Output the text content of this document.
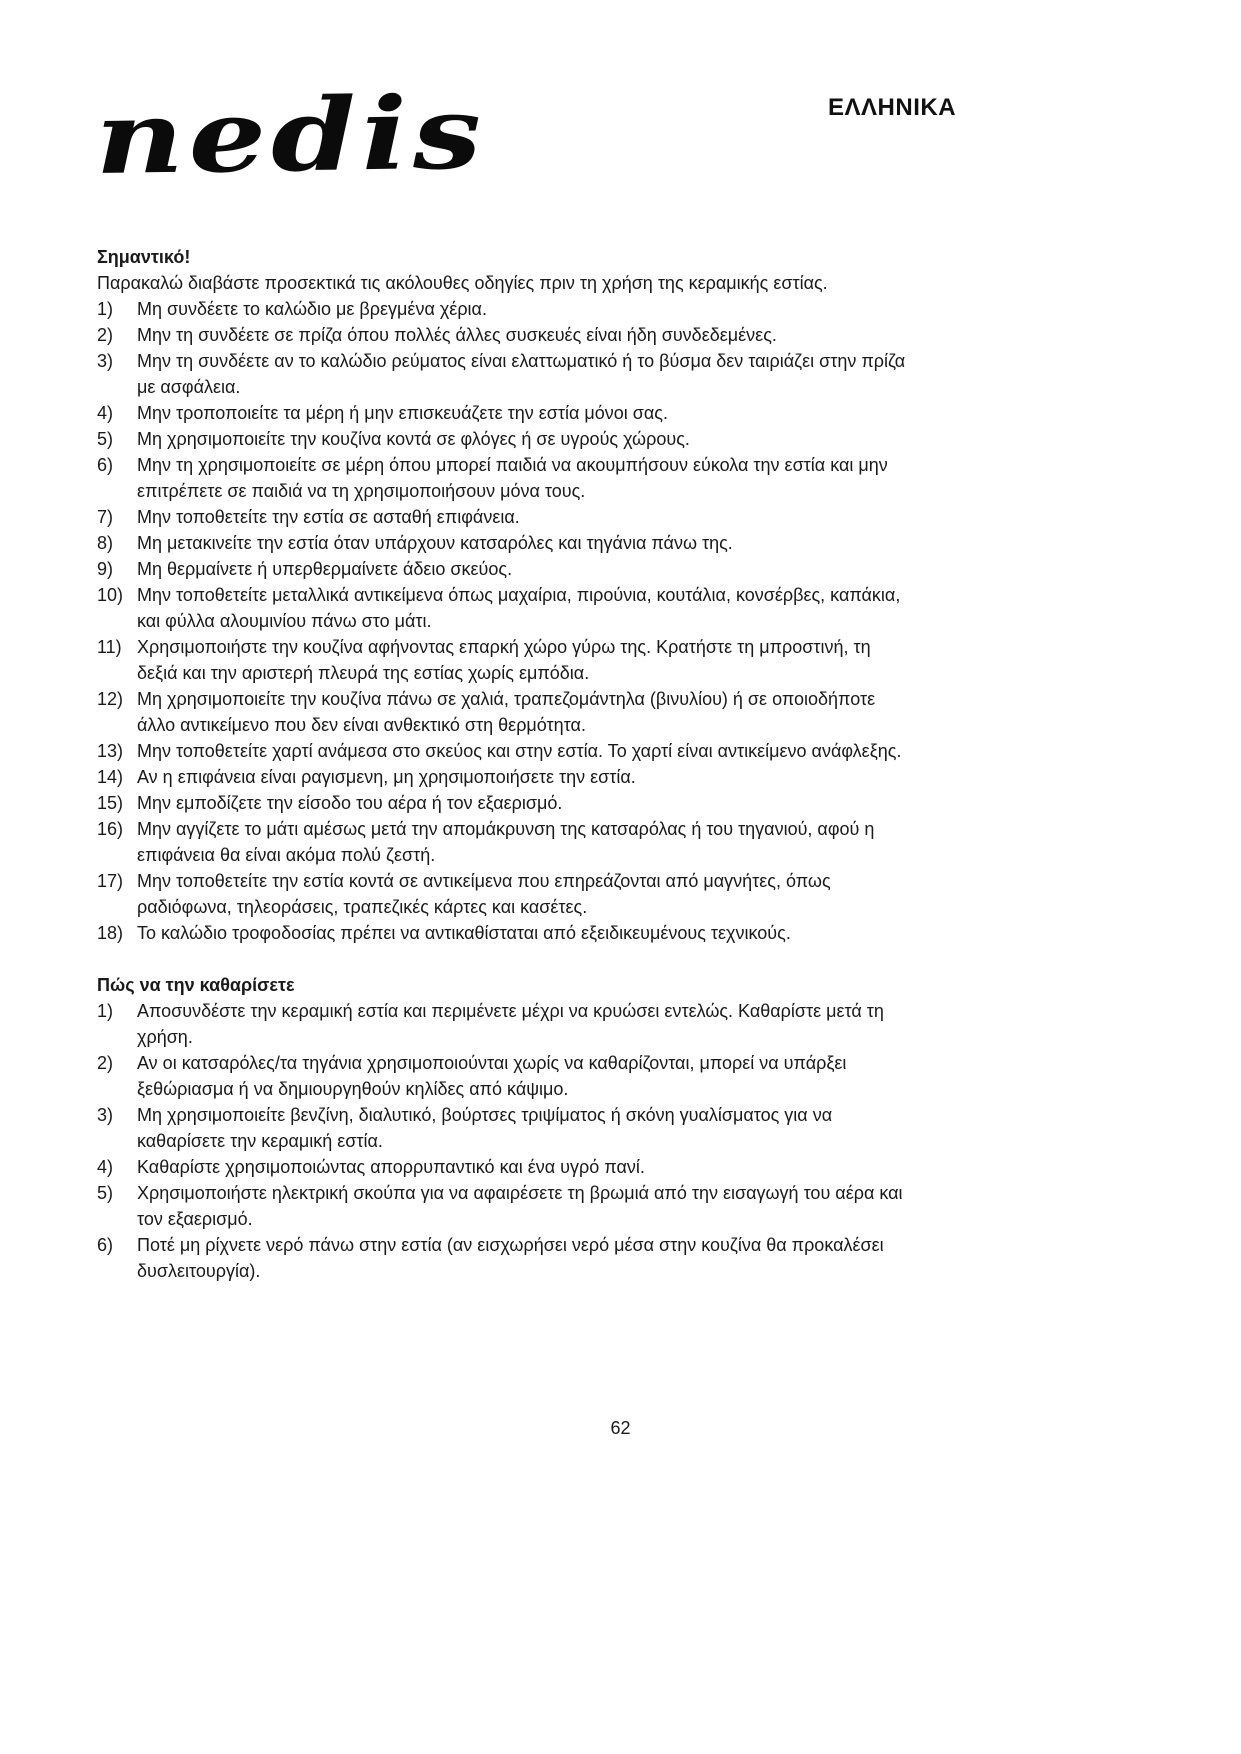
nedis	ΕΛΛΗΝΙΚΑ
Σημαντικό!
Παρακαλώ διαβάστε προσεκτικά τις ακόλουθες οδηγίες πριν τη χρήση της κεραμικής εστίας.
1)	Μη συνδέετε το καλώδιο με βρεγμένα χέρια.
2)	Μην τη συνδέετε σε πρίζα όπου πολλές άλλες συσκευές είναι ήδη συνδεδεμένες.
3)	Μην τη συνδέετε αν το καλώδιο ρεύματος είναι ελαττωματικό ή το βύσμα δεν ταιριάζει στην πρίζα με ασφάλεια.
4)	Μην τροποποιείτε τα μέρη ή μην επισκευάζετε την εστία μόνοι σας.
5)	Μη χρησιμοποιείτε την κουζίνα κοντά σε φλόγες ή σε υγρούς χώρους.
6)	Μην τη χρησιμοποιείτε σε μέρη όπου μπορεί παιδιά να ακουμπήσουν εύκολα την εστία και μην επιτρέπετε σε παιδιά να τη χρησιμοποιήσουν μόνα τους.
7)	Μην τοποθετείτε την εστία σε ασταθή επιφάνεια.
8)	Μη μετακινείτε την εστία όταν υπάρχουν κατσαρόλες και τηγάνια πάνω της.
9)	Μη θερμαίνετε ή υπερθερμαίνετε άδειο σκεύος.
10) Μην τοποθετείτε μεταλλικά αντικείμενα όπως μαχαίρια, πιρούνια, κουτάλια, κονσέρβες, καπάκια, και φύλλα αλουμινίου πάνω στο μάτι.
11) Χρησιμοποιήστε την κουζίνα αφήνοντας επαρκή χώρο γύρω της. Κρατήστε τη μπροστινή, τη δεξιά και την αριστερή πλευρά της εστίας χωρίς εμπόδια.
12) Μη χρησιμοποιείτε την κουζίνα πάνω σε χαλιά, τραπεζομάντηλα (βινυλίου) ή σε οποιοδήποτε άλλο αντικείμενο που δεν είναι ανθεκτικό στη θερμότητα.
13) Μην τοποθετείτε χαρτί ανάμεσα στο σκεύος και στην εστία. Το χαρτί είναι αντικείμενο ανάφλεξης.
14) Αν η επιφάνεια είναι ραγισμενη, μη χρησιμοποιήσετε την εστία.
15) Μην εμποδίζετε την είσοδο του αέρα ή τον εξαερισμό.
16) Μην αγγίζετε το μάτι αμέσως μετά την απομάκρυνση της κατσαρόλας ή του τηγανιού, αφού η επιφάνεια θα είναι ακόμα πολύ ζεστή.
17) Μην τοποθετείτε την εστία κοντά σε αντικείμενα που επηρεάζονται από μαγνήτες, όπως ραδιόφωνα, τηλεοράσεις, τραπεζικές κάρτες και κασέτες.
18) Το καλώδιο τροφοδοσίας πρέπει να αντικαθίσταται από εξειδικευμένους τεχνικούς.
Πώς να την καθαρίσετε
1)	Αποσυνδέστε την κεραμική εστία και περιμένετε μέχρι να κρυώσει εντελώς. Καθαρίστε μετά τη χρήση.
2)	Αν οι κατσαρόλες/τα τηγάνια χρησιμοποιούνται χωρίς να καθαρίζονται, μπορεί να υπάρξει ξεθώριασμα ή να δημιουργηθούν κηλίδες από κάψιμο.
3)	Μη χρησιμοποιείτε βενζίνη, διαλυτικό, βούρτσες τριψίματος ή σκόνη γυαλίσματος για να καθαρίσετε την κεραμική εστία.
4)	Καθαρίστε χρησιμοποιώντας απορρυπαντικό και ένα υγρό πανί.
5)	Χρησιμοποιήστε ηλεκτρική σκούπα για να αφαιρέσετε τη βρωμιά από την εισαγωγή του αέρα και τον εξαερισμό.
6)	Ποτέ μη ρίχνετε νερό πάνω στην εστία (αν εισχωρήσει νερό μέσα στην κουζίνα θα προκαλέσει δυσλειτουργία).
62
